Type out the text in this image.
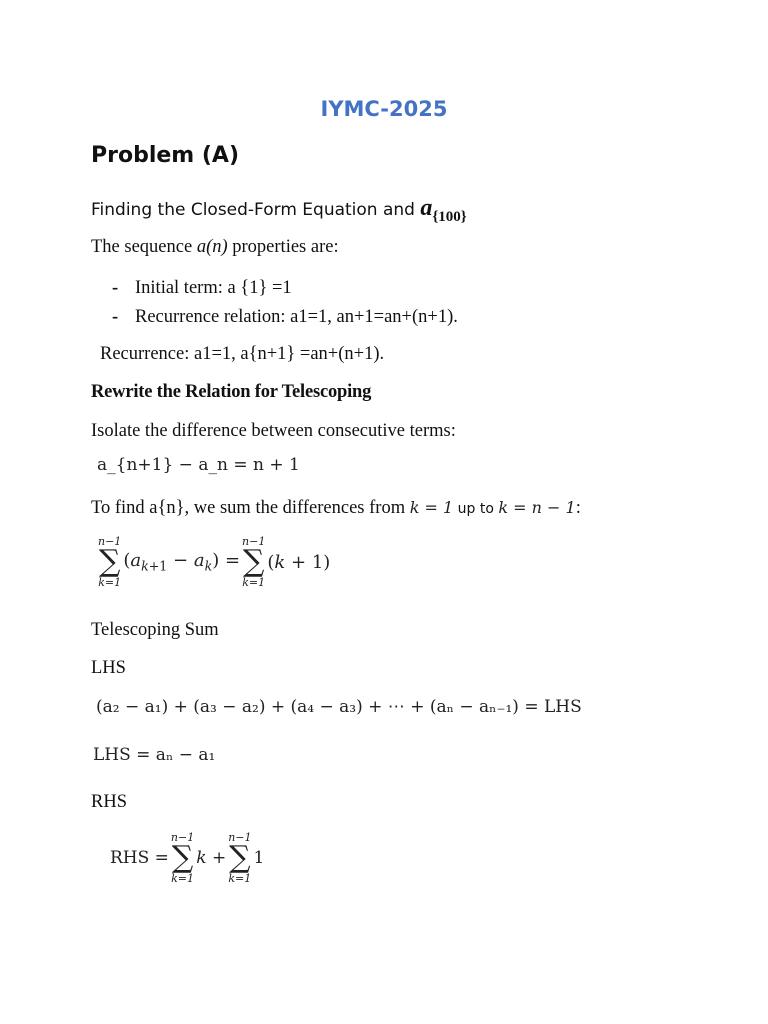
IYMC-2025
Problem (A)
Finding the Closed-Form Equation and a{100}
The sequence a(n) properties are:
- Initial term: a {1} =1
- Recurrence relation: a1=1, an+1=an+(n+1).
Recurrence: a1=1, a{n+1} =an+(n+1).
Rewrite the Relation for Telescoping
Isolate the difference between consecutive terms:
a_{n+1} − a_n = n + 1
To find a{n}, we sum the differences from k = 1 up to k = n − 1:
n−1
∑
k=1
$(a_{k+1} - a_k)$ =
n−1
∑
k=1
(k + 1)
Telescoping Sum
LHS
(a₂ − a₁) + (a₃ − a₂) + (a₄ − a₃) + ⋯ + (aₙ − aₙ₋₁) = LHS
LHS = aₙ − a₁
RHS
RHS =
n−1
∑
k=1
k +
n−1
∑
k=1
1
